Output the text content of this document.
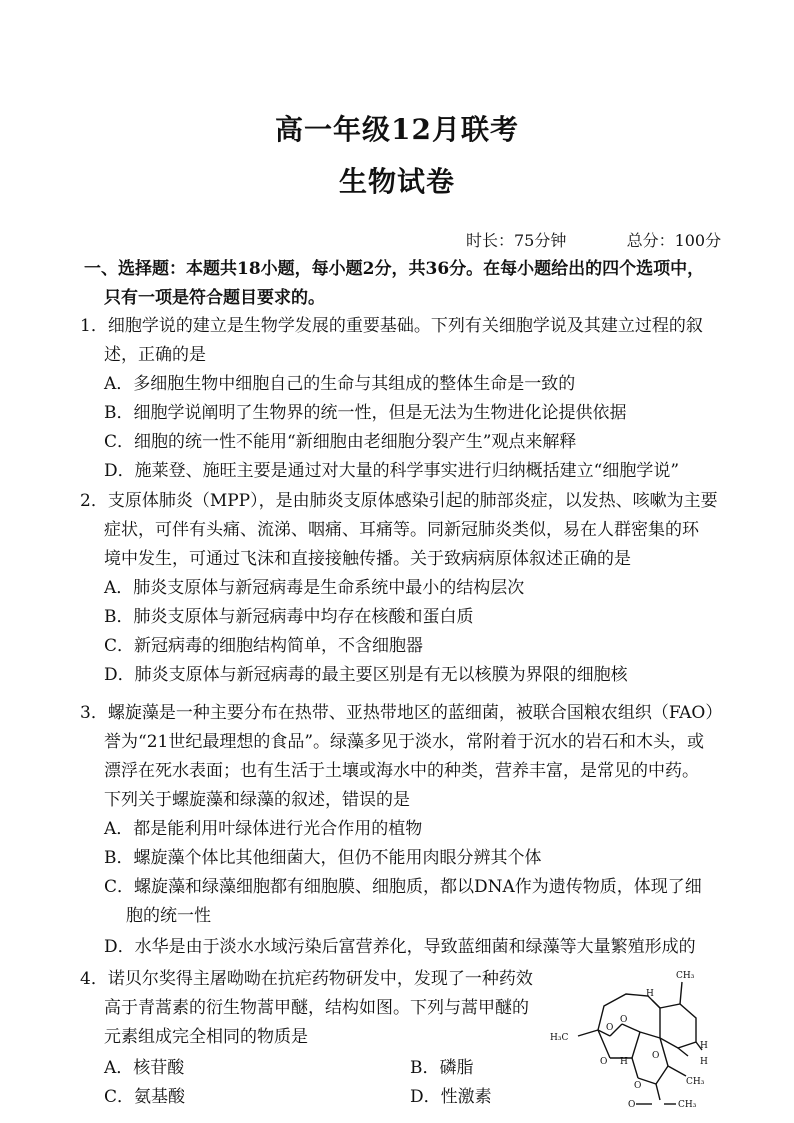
高一年级12月联考
生物试卷
时长：75分钟	总分：100分
一、选择题：本题共18小题，每小题2分，共36分。在每小题给出的四个选项中，
只有一项是符合题目要求的。
1．细胞学说的建立是生物学发展的重要基础。下列有关细胞学说及其建立过程的叙
述，正确的是
A．多细胞生物中细胞自己的生命与其组成的整体生命是一致的
B．细胞学说阐明了生物界的统一性，但是无法为生物进化论提供依据
C．细胞的统一性不能用“新细胞由老细胞分裂产生”观点来解释
D．施莱登、施旺主要是通过对大量的科学事实进行归纳概括建立“细胞学说”
2．支原体肺炎（MPP），是由肺炎支原体感染引起的肺部炎症，以发热、咳嗽为主要
症状，可伴有头痛、流涕、咽痛、耳痛等。同新冠肺炎类似，易在人群密集的环
境中发生，可通过飞沫和直接接触传播。关于致病病原体叙述正确的是
A．肺炎支原体与新冠病毒是生命系统中最小的结构层次
B．肺炎支原体与新冠病毒中均存在核酸和蛋白质
C．新冠病毒的细胞结构简单，不含细胞器
D．肺炎支原体与新冠病毒的最主要区别是有无以核膜为界限的细胞核
3．螺旋藻是一种主要分布在热带、亚热带地区的蓝细菌，被联合国粮农组织（FAO）
誉为“21世纪最理想的食品”。绿藻多见于淡水，常附着于沉水的岩石和木头，或
漂浮在死水表面；也有生活于土壤或海水中的种类，营养丰富，是常见的中药。
下列关于螺旋藻和绿藻的叙述，错误的是
A．都是能利用叶绿体进行光合作用的植物
B．螺旋藻个体比其他细菌大，但仍不能用肉眼分辨其个体
C．螺旋藻和绿藻细胞都有细胞膜、细胞质，都以DNA作为遗传物质，体现了细
胞的统一性
D．水华是由于淡水水域污染后富营养化，导致蓝细菌和绿藻等大量繁殖形成的
4．诺贝尔奖得主屠呦呦在抗疟药物研发中，发现了一种药效
高于青蒿素的衍生物蒿甲醚，结构如图。下列与蒿甲醚的
元素组成完全相同的物质是
A．核苷酸	B．磷脂
C．氨基酸	D．性激素
CH₃
H
H₃C
O
O
O H
O
H
H
O
CH₃
O	CH₃
